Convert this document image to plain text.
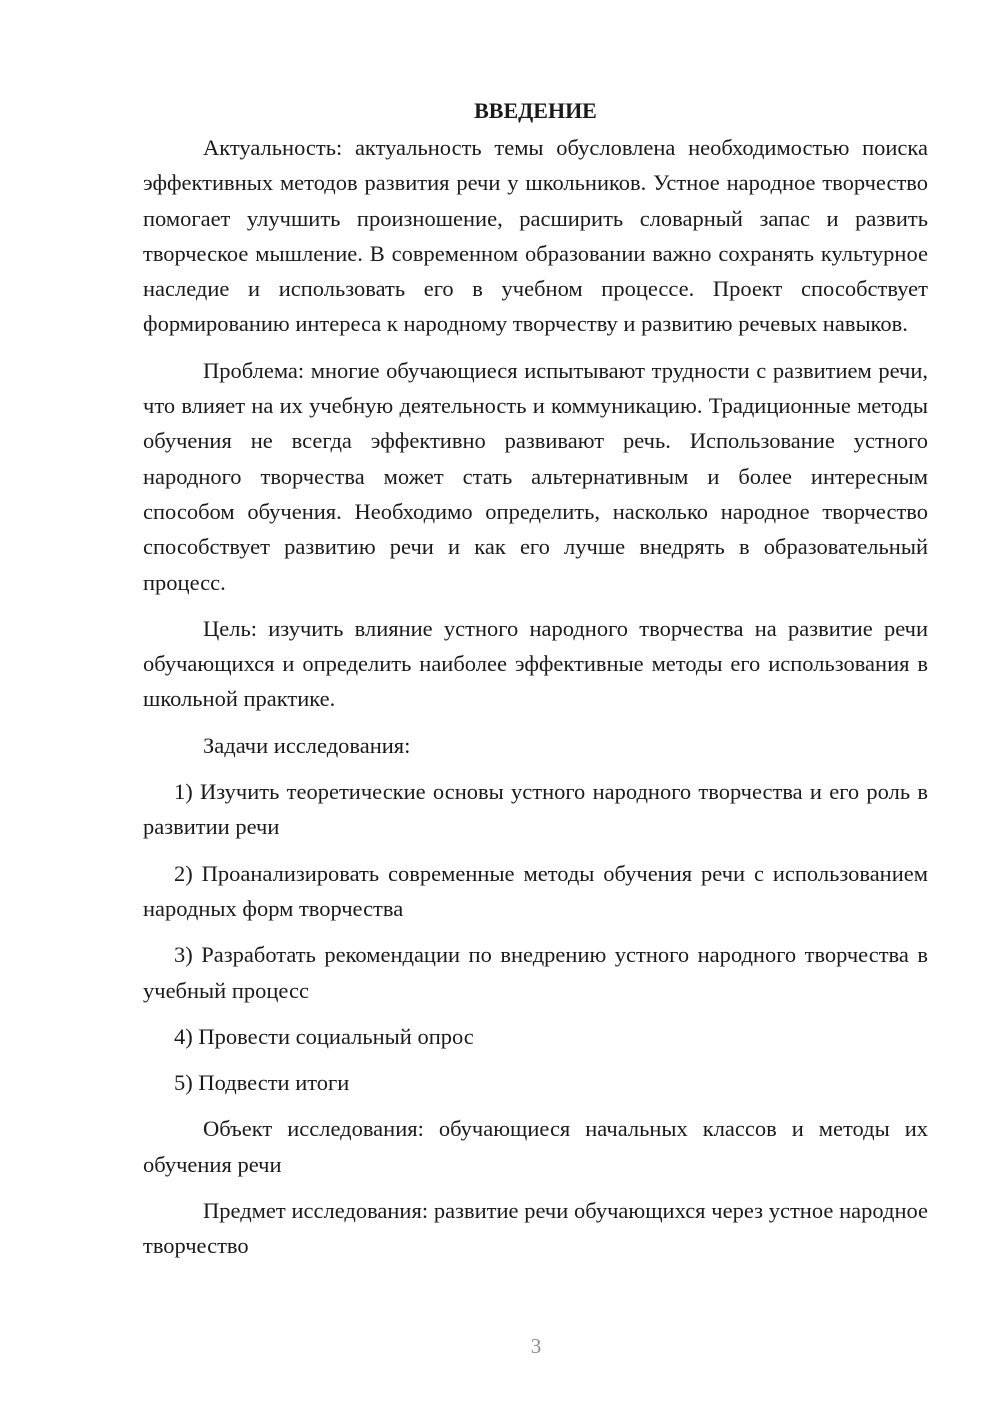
ВВЕДЕНИЕ

Актуальность: актуальность темы обусловлена необходимостью поиска эффективных методов развития речи у школьников. Устное народное творчество помогает улучшить произношение, расширить словарный запас и развить творческое мышление. В современном образовании важно сохранять культурное наследие и использовать его в учебном процессе. Проект способствует формированию интереса к народному творчеству и развитию речевых навыков.

Проблема: многие обучающиеся испытывают трудности с развитием речи, что влияет на их учебную деятельность и коммуникацию. Традиционные методы обучения не всегда эффективно развивают речь. Использование устного народного творчества может стать альтернативным и более интересным способом обучения. Необходимо определить, насколько народное творчество способствует развитию речи и как его лучше внедрять в образовательный процесс.

Цель: изучить влияние устного народного творчества на развитие речи обучающихся и определить наиболее эффективные методы его использования в школьной практике.

Задачи исследования:

1) Изучить теоретические основы устного народного творчества и его роль в развитии речи

2) Проанализировать современные методы обучения речи с использованием народных форм творчества

3) Разработать рекомендации по внедрению устного народного творчества в учебный процесс

4) Провести социальный опрос

5) Подвести итоги

Объект исследования: обучающиеся начальных классов и методы их обучения речи

Предмет исследования: развитие речи обучающихся через устное народное творчество

3
